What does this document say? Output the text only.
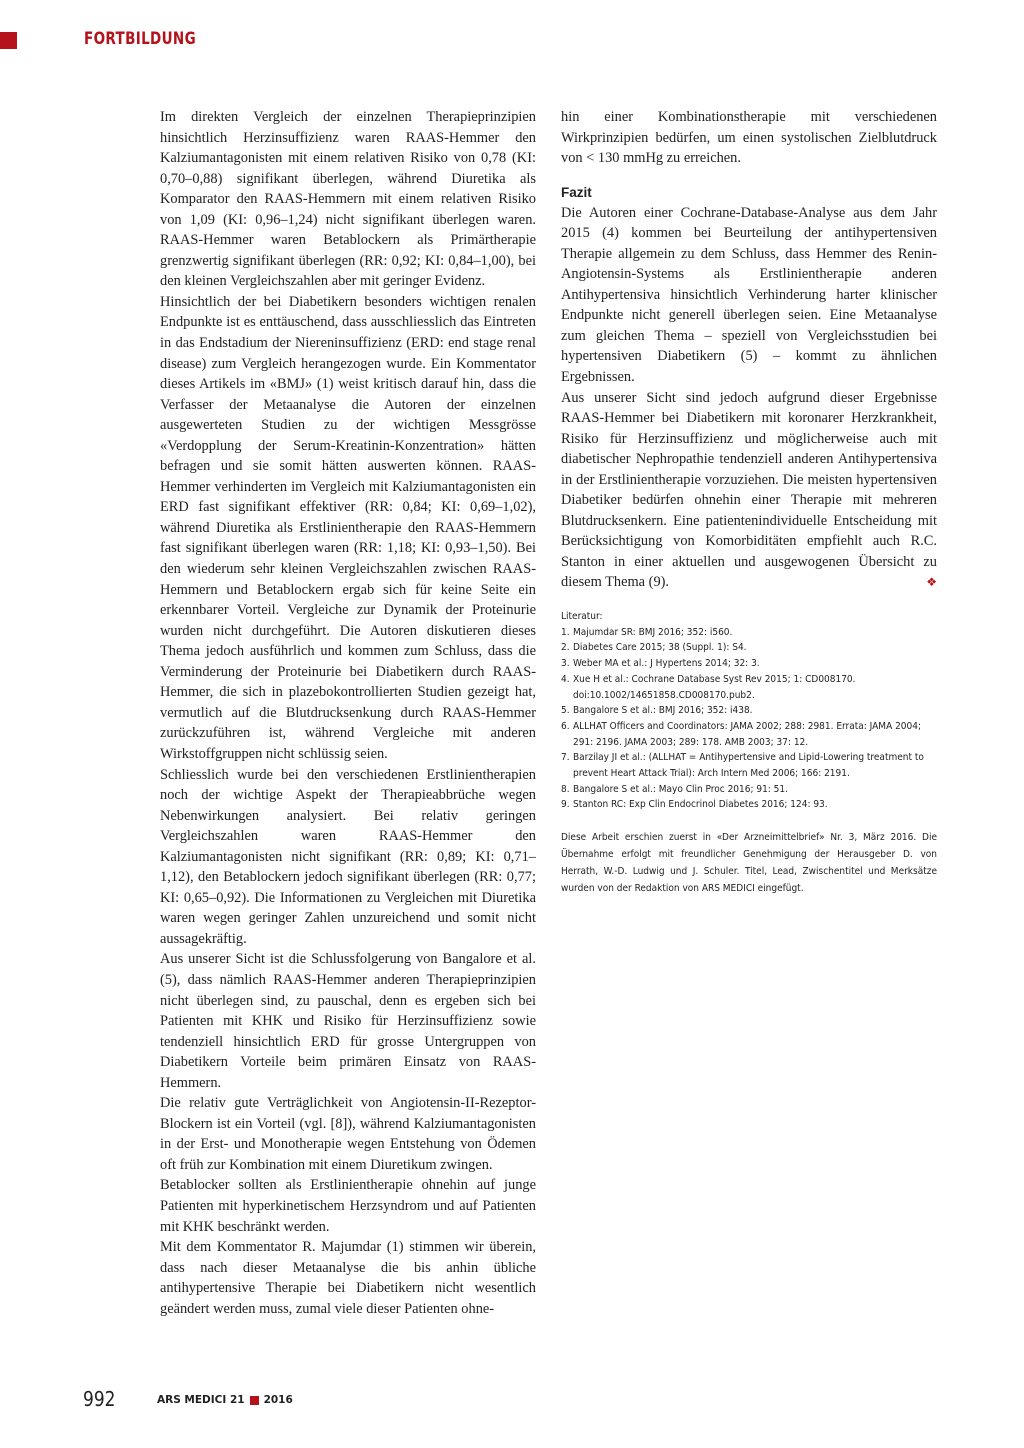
FORTBILDUNG

Im direkten Vergleich der einzelnen Therapieprinzipien hinsichtlich Herzinsuffizienz waren RAAS-Hemmer den Kalziumantagonisten mit einem relativen Risiko von 0,78 (KI: 0,70–0,88) signifikant überlegen, während Diuretika als Komparator den RAAS-Hemmern mit einem relativen Risiko von 1,09 (KI: 0,96–1,24) nicht signifikant überlegen waren. RAAS-Hemmer waren Betablockern als Primärtherapie grenzwertig signifikant überlegen (RR: 0,92; KI: 0,84–1,00), bei den kleinen Vergleichszahlen aber mit geringer Evidenz.

Hinsichtlich der bei Diabetikern besonders wichtigen renalen Endpunkte ist es enttäuschend, dass ausschliesslich das Eintreten in das Endstadium der Niereninsuffizienz (ERD: end stage renal disease) zum Vergleich herangezogen wurde. Ein Kommentator dieses Artikels im «BMJ» (1) weist kritisch darauf hin, dass die Verfasser der Metaanalyse die Autoren der einzelnen ausgewerteten Studien zu der wichtigen Messgrösse «Verdopplung der Serum-Kreatinin-Konzentration» hätten befragen und sie somit hätten auswerten können. RAAS-Hemmer verhinderten im Vergleich mit Kalziumantagonisten ein ERD fast signifikant effektiver (RR: 0,84; KI: 0,69–1,02), während Diuretika als Erstlinientherapie den RAAS-Hemmern fast signifikant überlegen waren (RR: 1,18; KI: 0,93–1,50). Bei den wiederum sehr kleinen Vergleichszahlen zwischen RAAS-Hemmern und Betablockern ergab sich für keine Seite ein erkennbarer Vorteil. Vergleiche zur Dynamik der Proteinurie wurden nicht durchgeführt. Die Autoren diskutieren dieses Thema jedoch ausführlich und kommen zum Schluss, dass die Verminderung der Proteinurie bei Diabetikern durch RAAS-Hemmer, die sich in plazebokontrollierten Studien gezeigt hat, vermutlich auf die Blutdrucksenkung durch RAAS-Hemmer zurückzuführen ist, während Vergleiche mit anderen Wirkstoffgruppen nicht schlüssig seien.

Schliesslich wurde bei den verschiedenen Erstlinientherapien noch der wichtige Aspekt der Therapieabbrüche wegen Nebenwirkungen analysiert. Bei relativ geringen Vergleichszahlen waren RAAS-Hemmer den Kalziumantagonisten nicht signifikant (RR: 0,89; KI: 0,71–1,12), den Betablockern jedoch signifikant überlegen (RR: 0,77; KI: 0,65–0,92). Die Informationen zu Vergleichen mit Diuretika waren wegen geringer Zahlen unzureichend und somit nicht aussagekräftig.

Aus unserer Sicht ist die Schlussfolgerung von Bangalore et al. (5), dass nämlich RAAS-Hemmer anderen Therapieprinzipien nicht überlegen sind, zu pauschal, denn es ergeben sich bei Patienten mit KHK und Risiko für Herzinsuffizienz sowie tendenziell hinsichtlich ERD für grosse Untergruppen von Diabetikern Vorteile beim primären Einsatz von RAAS-Hemmern.

Die relativ gute Verträglichkeit von Angiotensin-II-Rezeptor-Blockern ist ein Vorteil (vgl. [8]), während Kalziumantagonisten in der Erst- und Monotherapie wegen Entstehung von Ödemen oft früh zur Kombination mit einem Diuretikum zwingen.

Betablocker sollten als Erstlinientherapie ohnehin auf junge Patienten mit hyperkinetischem Herzsyndrom und auf Patienten mit KHK beschränkt werden.

Mit dem Kommentator R. Majumdar (1) stimmen wir überein, dass nach dieser Metaanalyse die bis anhin übliche antihypertensive Therapie bei Diabetikern nicht wesentlich geändert werden muss, zumal viele dieser Patienten ohne-

hin einer Kombinationstherapie mit verschiedenen Wirkprinzipien bedürfen, um einen systolischen Zielblutdruck von < 130 mmHg zu erreichen.

Fazit

Die Autoren einer Cochrane-Database-Analyse aus dem Jahr 2015 (4) kommen bei Beurteilung der antihypertensiven Therapie allgemein zu dem Schluss, dass Hemmer des Renin-Angiotensin-Systems als Erstlinientherapie anderen Antihypertensiva hinsichtlich Verhinderung harter klinischer Endpunkte nicht generell überlegen seien. Eine Metaanalyse zum gleichen Thema – speziell von Vergleichsstudien bei hypertensiven Diabetikern (5) – kommt zu ähnlichen Ergebnissen.

Aus unserer Sicht sind jedoch aufgrund dieser Ergebnisse RAAS-Hemmer bei Diabetikern mit koronarer Herzkrankheit, Risiko für Herzinsuffizienz und möglicherweise auch mit diabetischer Nephropathie tendenziell anderen Antihypertensiva in der Erstlinientherapie vorzuziehen. Die meisten hypertensiven Diabetiker bedürfen ohnehin einer Therapie mit mehreren Blutdrucksenkern. Eine patientenindividuelle Entscheidung mit Berücksichtigung von Komorbiditäten empfiehlt auch R.C. Stanton in einer aktuellen und ausgewogenen Übersicht zu diesem Thema (9).	❖

Literatur:

1. Majumdar SR: BMJ 2016; 352: i560.
2. Diabetes Care 2015; 38 (Suppl. 1): S4.
3. Weber MA et al.: J Hypertens 2014; 32: 3.
4. Xue H et al.: Cochrane Database Syst Rev 2015; 1: CD008170. doi:10.1002/14651858.CD008170.pub2.
5. Bangalore S et al.: BMJ 2016; 352: i438.
6. ALLHAT Officers and Coordinators: JAMA 2002; 288: 2981. Errata: JAMA 2004; 291: 2196. JAMA 2003; 289: 178. AMB 2003; 37: 12.
7. Barzilay JI et al.: (ALLHAT = Antihypertensive and Lipid-Lowering treatment to prevent Heart Attack Trial): Arch Intern Med 2006; 166: 2191.
8. Bangalore S et al.: Mayo Clin Proc 2016; 91: 51.
9. Stanton RC: Exp Clin Endocrinol Diabetes 2016; 124: 93.
Diese Arbeit erschien zuerst in «Der Arzneimittelbrief» Nr. 3, März 2016. Die Übernahme erfolgt mit freundlicher Genehmigung der Herausgeber D. von Herrath, W.-D. Ludwig und J. Schuler. Titel, Lead, Zwischentitel und Merksätze wurden von der Redaktion von ARS MEDICI eingefügt.
992	ARS MEDICI 21 2016
